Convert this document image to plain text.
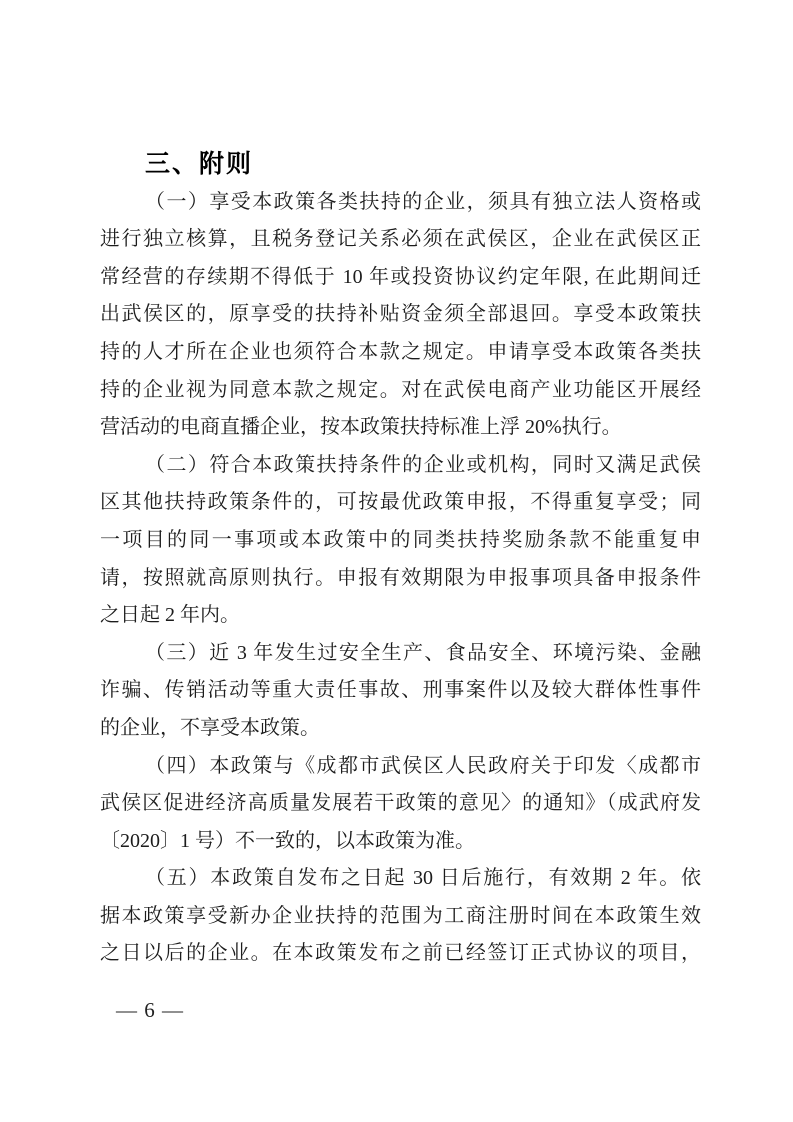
三、附则
（一）享受本政策各类扶持的企业，须具有独立法人资格或
进行独立核算，且税务登记关系必须在武侯区，企业在武侯区正
常经营的存续期不得低于 10 年或投资协议约定年限, 在此期间迁
出武侯区的，原享受的扶持补贴资金须全部退回。享受本政策扶
持的人才所在企业也须符合本款之规定。申请享受本政策各类扶
持的企业视为同意本款之规定。对在武侯电商产业功能区开展经
营活动的电商直播企业，按本政策扶持标准上浮 20%执行。
（二）符合本政策扶持条件的企业或机构，同时又满足武侯
区其他扶持政策条件的，可按最优政策申报，不得重复享受；同
一项目的同一事项或本政策中的同类扶持奖励条款不能重复申
请，按照就高原则执行。申报有效期限为申报事项具备申报条件
之日起 2 年内。
（三）近 3 年发生过安全生产、食品安全、环境污染、金融
诈骗、传销活动等重大责任事故、刑事案件以及较大群体性事件
的企业，不享受本政策。
（四）本政策与《成都市武侯区人民政府关于印发〈成都市
武侯区促进经济高质量发展若干政策的意见〉的通知》（成武府发
〔2020〕1 号）不一致的，以本政策为准。
（五）本政策自发布之日起 30 日后施行，有效期 2 年。依
据本政策享受新办企业扶持的范围为工商注册时间在本政策生效
之日以后的企业。在本政策发布之前已经签订正式协议的项目，
— 6 —
